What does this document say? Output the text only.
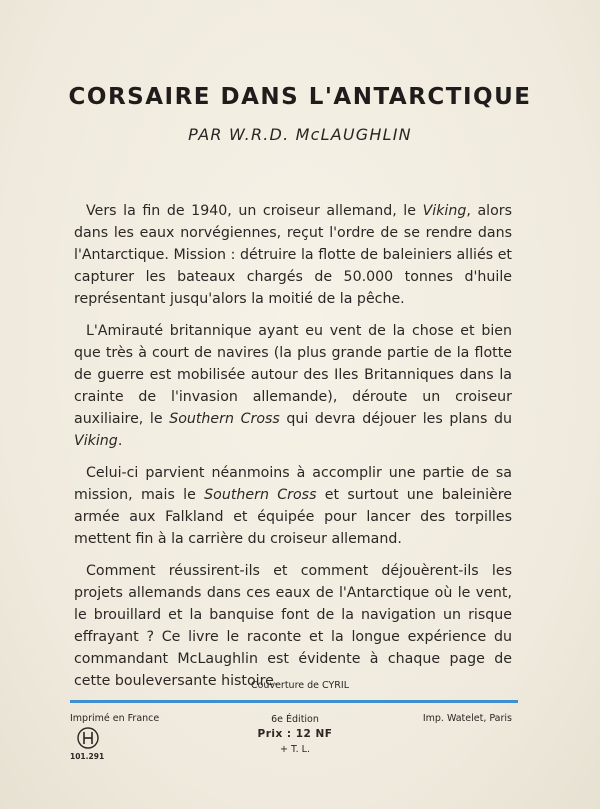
CORSAIRE DANS L'ANTARCTIQUE
PAR W.R.D. McLAUGHLIN

Vers la fin de 1940, un croiseur allemand, le Viking, alors dans les eaux norvégiennes, reçut l'ordre de se rendre dans l'Antarctique. Mission : détruire la flotte de baleiniers alliés et capturer les bateaux chargés de 50.000 tonnes d'huile représentant jusqu'alors la moitié de la pêche.

L'Amirauté britannique ayant eu vent de la chose et bien que très à court de navires (la plus grande partie de la flotte de guerre est mobilisée autour des Iles Britanniques dans la crainte de l'invasion allemande), déroute un croiseur auxiliaire, le Southern Cross qui devra déjouer les plans du Viking.

Celui-ci parvient néanmoins à accomplir une partie de sa mission, mais le Southern Cross et surtout une baleinière armée aux Falkland et équipée pour lancer des torpilles mettent fin à la carrière du croiseur allemand.

Comment réussirent-ils et comment déjouèrent-ils les projets allemands dans ces eaux de l'Antarctique où le vent, le brouillard et la banquise font de la navigation un risque effrayant ? Ce livre le raconte et la longue expérience du commandant McLaughlin est évidente à chaque page de cette bouleversante histoire.

Couverture de CYRIL
Imprimé en France	6e Édition
Prix : 12 NF
+ T. L.
Imp. Watelet, Paris
101.291
